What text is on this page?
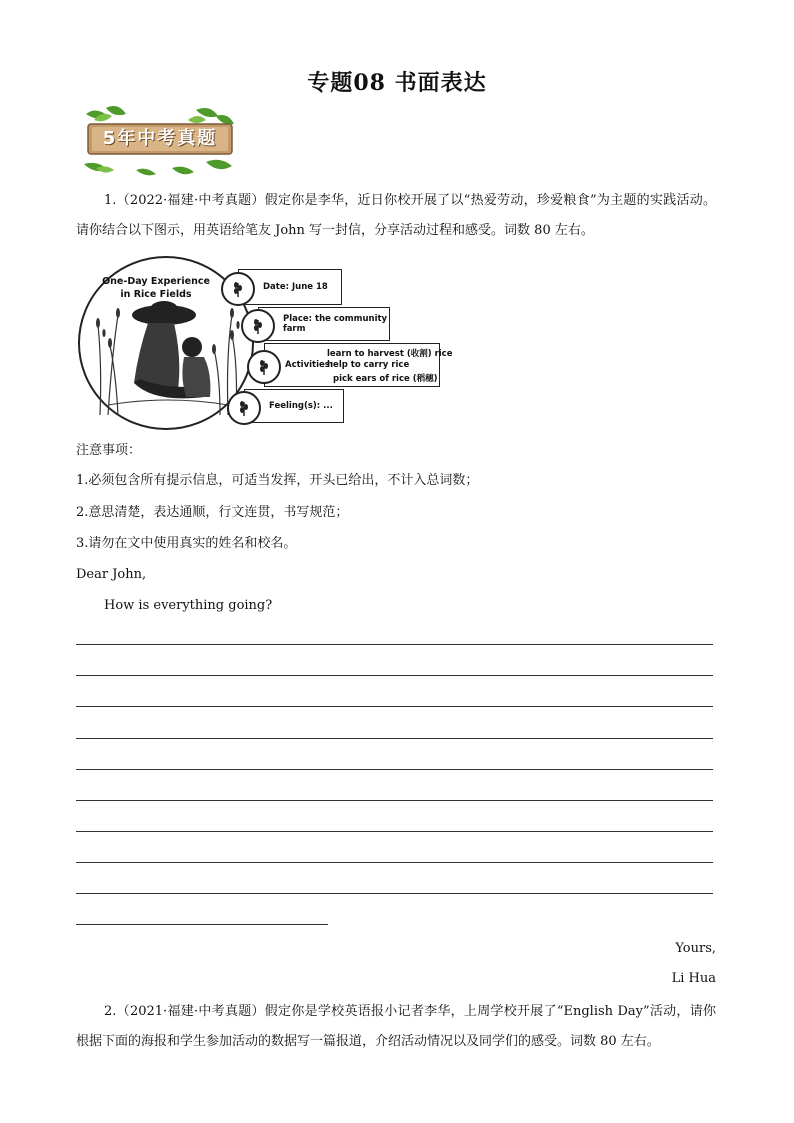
专题08 书面表达
5年中考真题
1.（2022·福建·中考真题）假定你是李华，近日你校开展了以“热爱劳动，珍爱粮食”为主题的实践活动。请你结合以下图示，用英语给笔友 John 写一封信，分享活动过程和感受。词数 80 左右。
One-Day Experience
in Rice Fields
Date: June 18
Place: the community farm
Activities:
learn to harvest (收割) rice
help to carry rice
pick ears of rice (稻穗)
Feeling(s): ...
注意事项：
1.必须包含所有提示信息，可适当发挥，开头已给出，不计入总词数；
2.意思清楚，表达通顺，行文连贯，书写规范；
3.请勿在文中使用真实的姓名和校名。
Dear John,
How is everything going?
Yours,
Li Hua
2.（2021·福建·中考真题）假定你是学校英语报小记者李华，上周学校开展了“English Day”活动，请你根据下面的海报和学生参加活动的数据写一篇报道，介绍活动情况以及同学们的感受。词数 80 左右。
